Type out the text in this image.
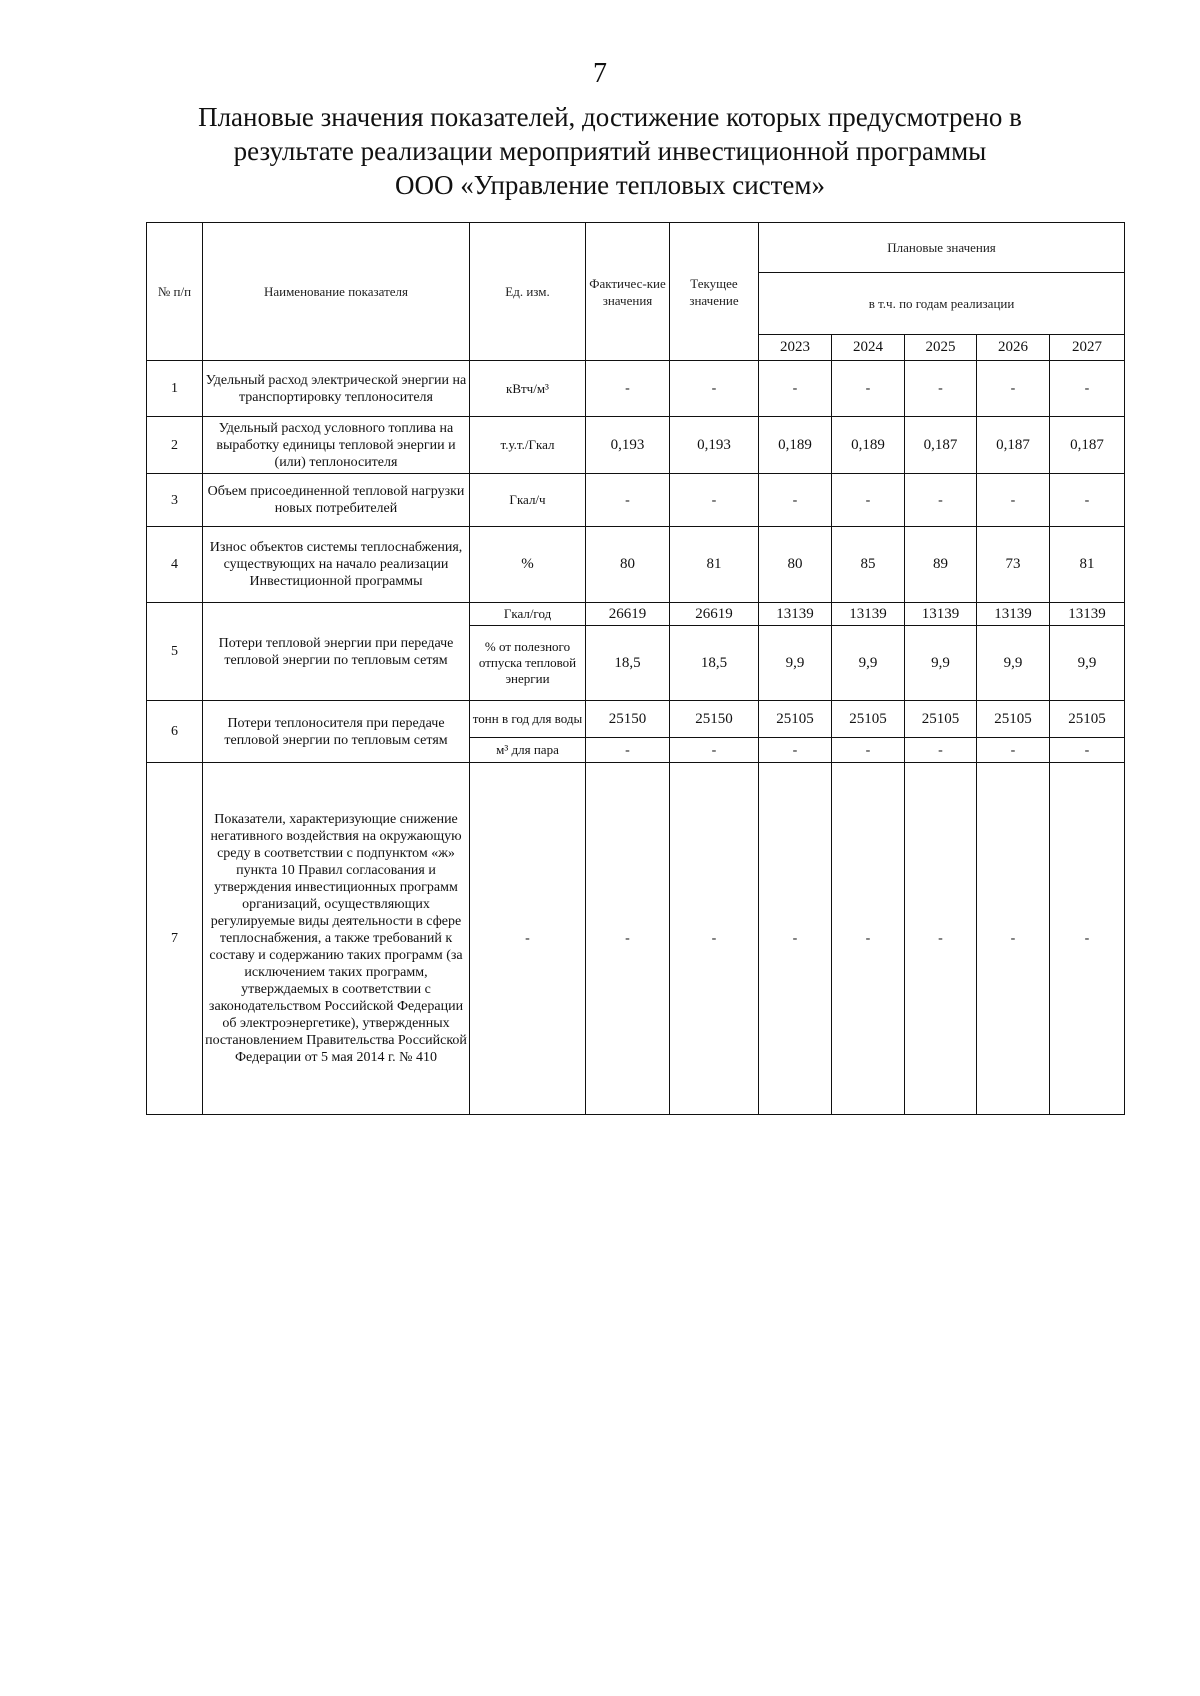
7
Плановые значения показателей, достижение которых предусмотрено в
результате реализации мероприятий инвестиционной программы
ООО «Управление тепловых систем»
№ п/п	Наименование показателя	Ед. изм.	Фактичес-кие значения	Текущее значение	Плановые значения				
					в т.ч. по годам реализации				
					2023	2024	2025	2026	2027
1	Удельный расход электрической энергии на транспортировку теплоносителя	кВтч/м³	-	-	-	-	-	-	-
2	Удельный расход условного топлива на выработку единицы тепловой энергии и (или) теплоносителя	т.у.т./Гкал	0,193	0,193	0,189	0,189	0,187	0,187	0,187
3	Объем присоединенной тепловой нагрузки новых потребителей	Гкал/ч	-	-	-	-	-	-	-
4	Износ объектов системы теплоснабжения, существующих на начало реализации Инвестиционной программы	%	80	81	80	85	89	73	81
5	Потери тепловой энергии при передаче тепловой энергии по тепловым сетям	Гкал/год	26619	26619	13139	13139	13139	13139	13139
		% от полезного отпуска тепловой энергии	18,5	18,5	9,9	9,9	9,9	9,9	9,9
6	Потери теплоносителя при передаче тепловой энергии по тепловым сетям	тонн в год для воды	25150	25150	25105	25105	25105	25105	25105
		м³ для пара	-	-	-	-	-	-	-
7	Показатели, характеризующие снижение негативного воздействия на окружающую среду в соответствии с подпунктом «ж» пункта 10 Правил согласования и утверждения инвестиционных программ организаций, осуществляющих регулируемые виды деятельности в сфере теплоснабжения, а также требований к составу и содержанию таких программ (за исключением таких программ, утверждаемых в соответствии с законодательством Российской Федерации об электроэнергетике), утвержденных постановлением Правительства Российской Федерации от 5 мая 2014 г. № 410	-	-	-	-	-	-	-	-
